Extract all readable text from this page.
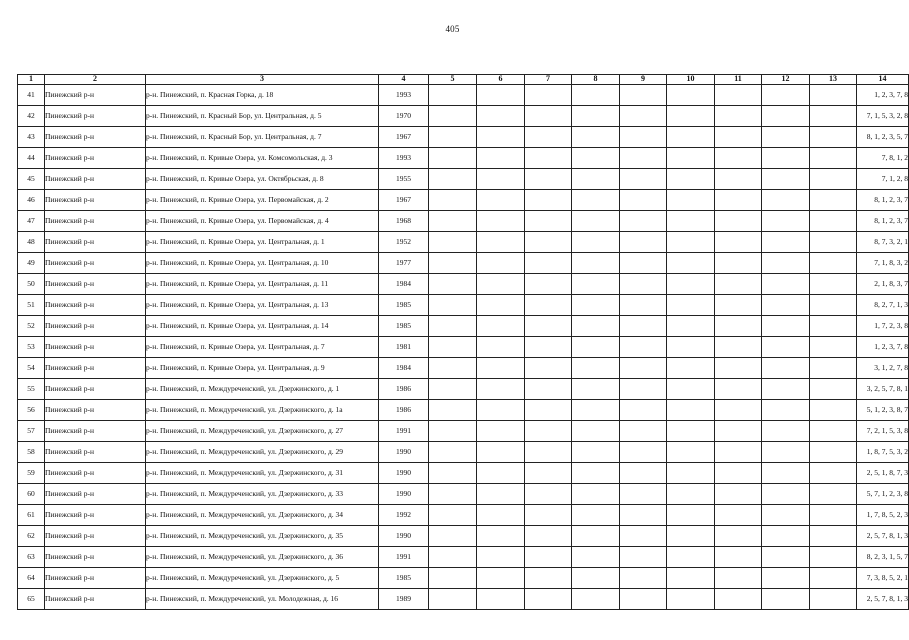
405
1	2	3	4	5	6	7	8	9	10	11	12	13	14
41	Пинежский р-н	р-н. Пинежский, п. Красная Горка, д. 18	1993										1, 2, 3, 7, 8

42	Пинежский р-н	р-н. Пинежский, п. Красный Бор, ул. Центральная, д. 5	1970										7, 1, 5, 3, 2, 8

43	Пинежский р-н	р-н. Пинежский, п. Красный Бор, ул. Центральная, д. 7	1967										8, 1, 2, 3, 5, 7

44	Пинежский р-н	р-н. Пинежский, п. Кривые Озера, ул. Комсомольская, д. 3	1993										7, 8, 1, 2

45	Пинежский р-н	р-н. Пинежский, п. Кривые Озера, ул. Октябрьская, д. 8	1955										7, 1, 2, 8

46	Пинежский р-н	р-н. Пинежский, п. Кривые Озера, ул. Первомайская, д. 2	1967										8, 1, 2, 3, 7

47	Пинежский р-н	р-н. Пинежский, п. Кривые Озера, ул. Первомайская, д. 4	1968										8, 1, 2, 3, 7

48	Пинежский р-н	р-н. Пинежский, п. Кривые Озера, ул. Центральная, д. 1	1952										8, 7, 3, 2, 1

49	Пинежский р-н	р-н. Пинежский, п. Кривые Озера, ул. Центральная, д. 10	1977										7, 1, 8, 3, 2

50	Пинежский р-н	р-н. Пинежский, п. Кривые Озера, ул. Центральная, д. 11	1984										2, 1, 8, 3, 7

51	Пинежский р-н	р-н. Пинежский, п. Кривые Озера, ул. Центральная, д. 13	1985										8, 2, 7, 1, 3

52	Пинежский р-н	р-н. Пинежский, п. Кривые Озера, ул. Центральная, д. 14	1985										1, 7, 2, 3, 8

53	Пинежский р-н	р-н. Пинежский, п. Кривые Озера, ул. Центральная, д. 7	1981										1, 2, 3, 7, 8

54	Пинежский р-н	р-н. Пинежский, п. Кривые Озера, ул. Центральная, д. 9	1984										3, 1, 2, 7, 8

55	Пинежский р-н	р-н. Пинежский, п. Междуреченский, ул. Дзержинского, д. 1	1986										3, 2, 5, 7, 8, 1

56	Пинежский р-н	р-н. Пинежский, п. Междуреченский, ул. Дзержинского, д. 1а	1986										5, 1, 2, 3, 8, 7

57	Пинежский р-н	р-н. Пинежский, п. Междуреченский, ул. Дзержинского, д. 27	1991										7, 2, 1, 5, 3, 8

58	Пинежский р-н	р-н. Пинежский, п. Междуреченский, ул. Дзержинского, д. 29	1990										1, 8, 7, 5, 3, 2

59	Пинежский р-н	р-н. Пинежский, п. Междуреченский, ул. Дзержинского, д. 31	1990										2, 5, 1, 8, 7, 3

60	Пинежский р-н	р-н. Пинежский, п. Междуреченский, ул. Дзержинского, д. 33	1990										5, 7, 1, 2, 3, 8

61	Пинежский р-н	р-н. Пинежский, п. Междуреченский, ул. Дзержинского, д. 34	1992										1, 7, 8, 5, 2, 3

62	Пинежский р-н	р-н. Пинежский, п. Междуреченский, ул. Дзержинского, д. 35	1990										2, 5, 7, 8, 1, 3

63	Пинежский р-н	р-н. Пинежский, п. Междуреченский, ул. Дзержинского, д. 36	1991										8, 2, 3, 1, 5, 7

64	Пинежский р-н	р-н. Пинежский, п. Междуреченский, ул. Дзержинского, д. 5	1985										7, 3, 8, 5, 2, 1

65	Пинежский р-н	р-н. Пинежский, п. Междуреченский, ул. Молодежная, д. 16	1989										2, 5, 7, 8, 1, 3
